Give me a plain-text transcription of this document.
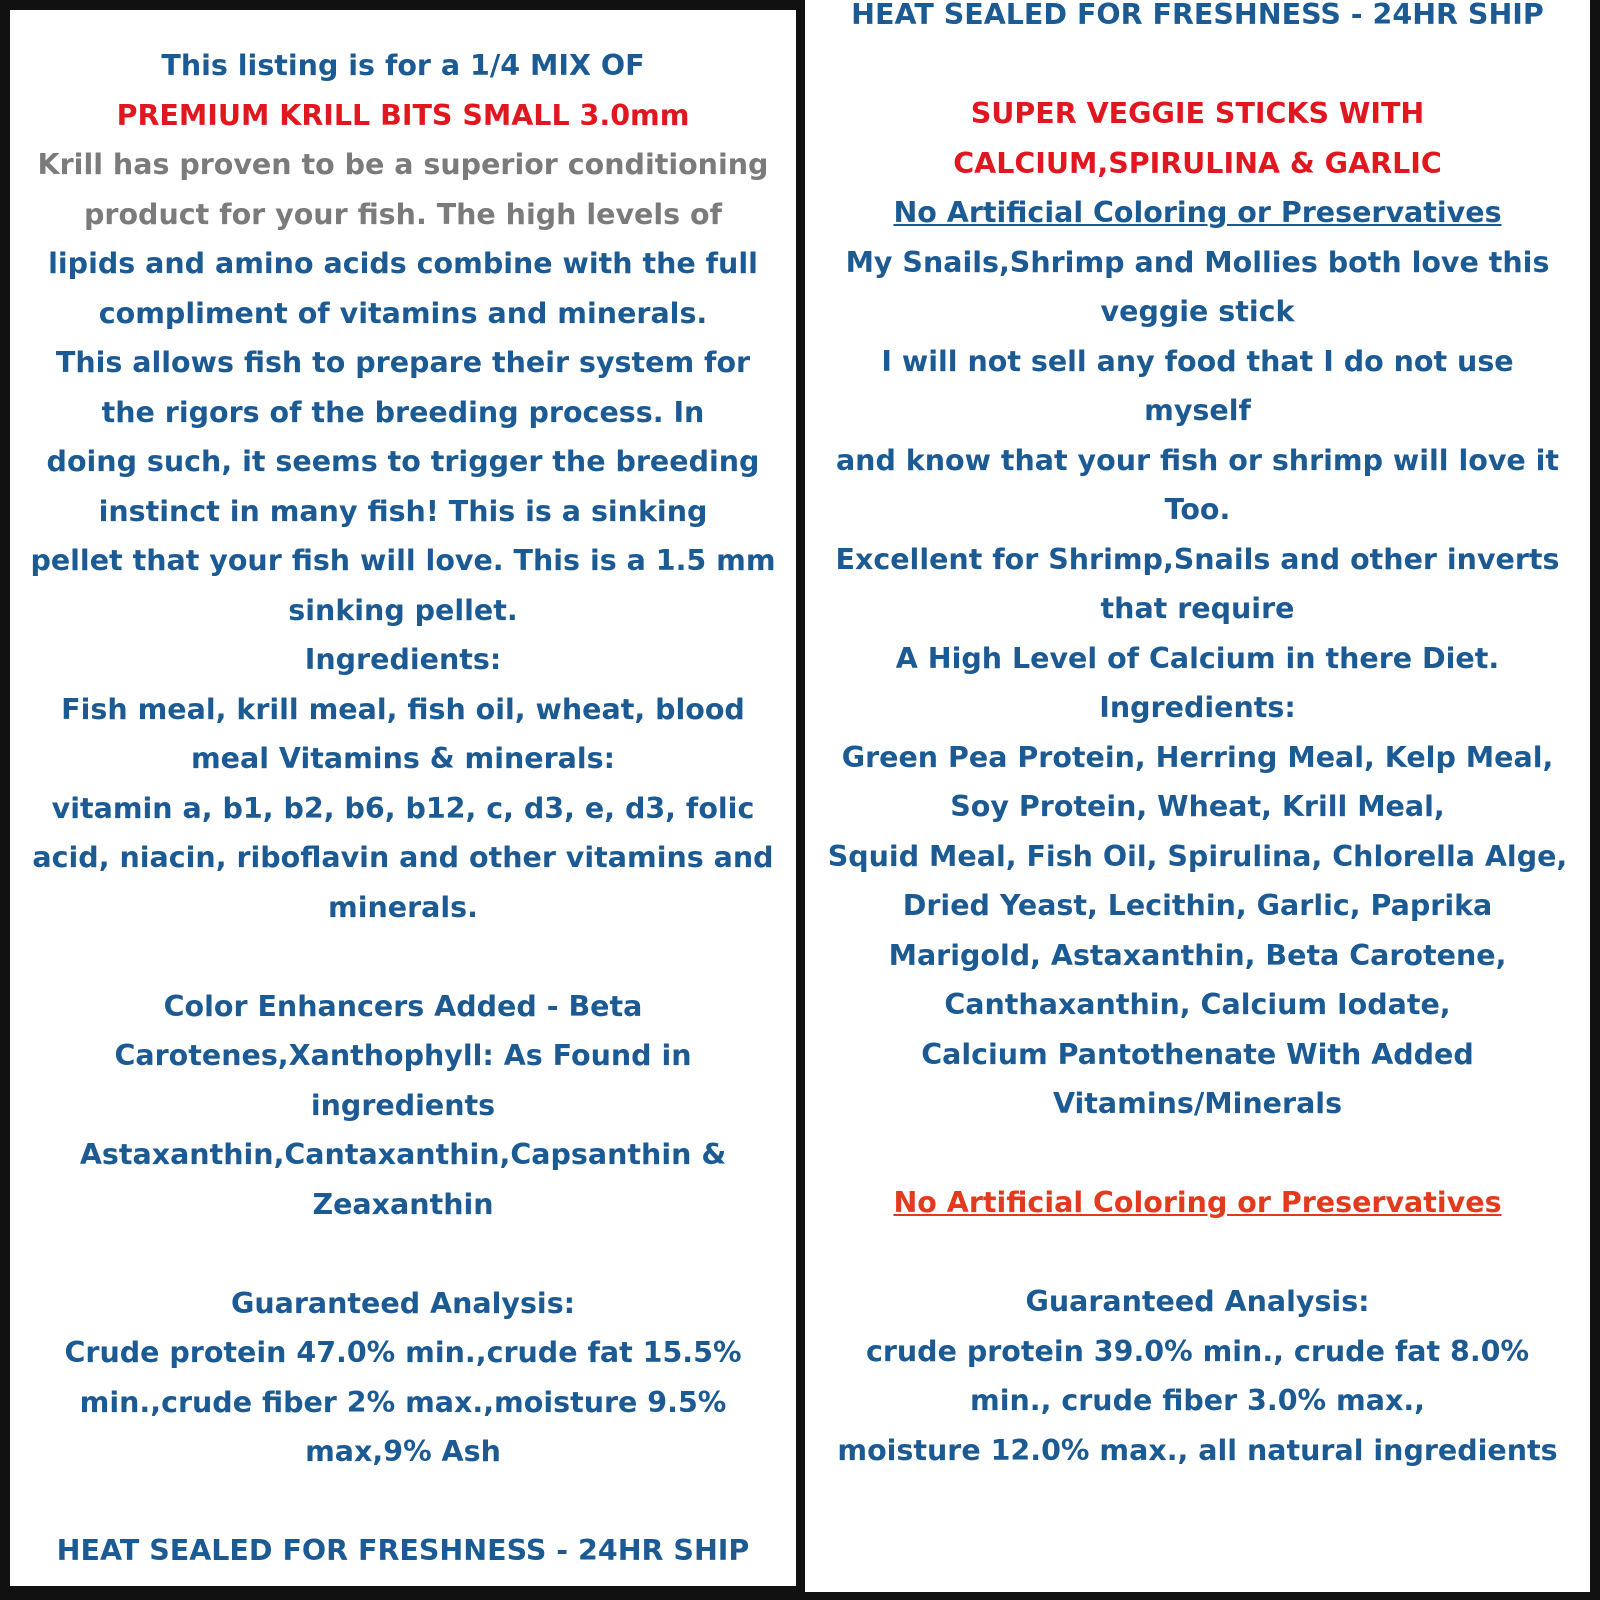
This listing is for a 1/4 MIX OF
PREMIUM KRILL BITS SMALL 3.0mm
Krill has proven to be a superior conditioning
product for your fish. The high levels of
lipids and amino acids combine with the full
compliment of vitamins and minerals.
This allows fish to prepare their system for
the rigors of the breeding process. In
doing such, it seems to trigger the breeding
instinct in many fish! This is a sinking
pellet that your fish will love. This is a 1.5 mm
sinking pellet.
Ingredients:
Fish meal, krill meal, fish oil, wheat, blood
meal Vitamins & minerals:
vitamin a, b1, b2, b6, b12, c, d3, e, d3, folic
acid, niacin, riboflavin and other vitamins and
minerals.
Color Enhancers Added - Beta
Carotenes,Xanthophyll: As Found in
ingredients
Astaxanthin,Cantaxanthin,Capsanthin &
Zeaxanthin
Guaranteed Analysis:
Crude protein 47.0% min.,crude fat 15.5%
min.,crude fiber 2% max.,moisture 9.5%
max,9% Ash
HEAT SEALED FOR FRESHNESS - 24HR SHIP
HEAT SEALED FOR FRESHNESS - 24HR SHIP
SUPER VEGGIE STICKS WITH
CALCIUM,SPIRULINA & GARLIC
No Artificial Coloring or Preservatives
My Snails,Shrimp and Mollies both love this
veggie stick
I will not sell any food that I do not use
myself
and know that your fish or shrimp will love it
Too.
Excellent for Shrimp,Snails and other inverts
that require
A High Level of Calcium in there Diet.
Ingredients:
Green Pea Protein, Herring Meal, Kelp Meal,
Soy Protein, Wheat, Krill Meal,
Squid Meal, Fish Oil, Spirulina, Chlorella Alge,
Dried Yeast, Lecithin, Garlic, Paprika
Marigold, Astaxanthin, Beta Carotene,
Canthaxanthin, Calcium Iodate,
Calcium Pantothenate With Added
Vitamins/Minerals
No Artificial Coloring or Preservatives
Guaranteed Analysis:
crude protein 39.0% min., crude fat 8.0%
min., crude fiber 3.0% max.,
moisture 12.0% max., all natural ingredients
